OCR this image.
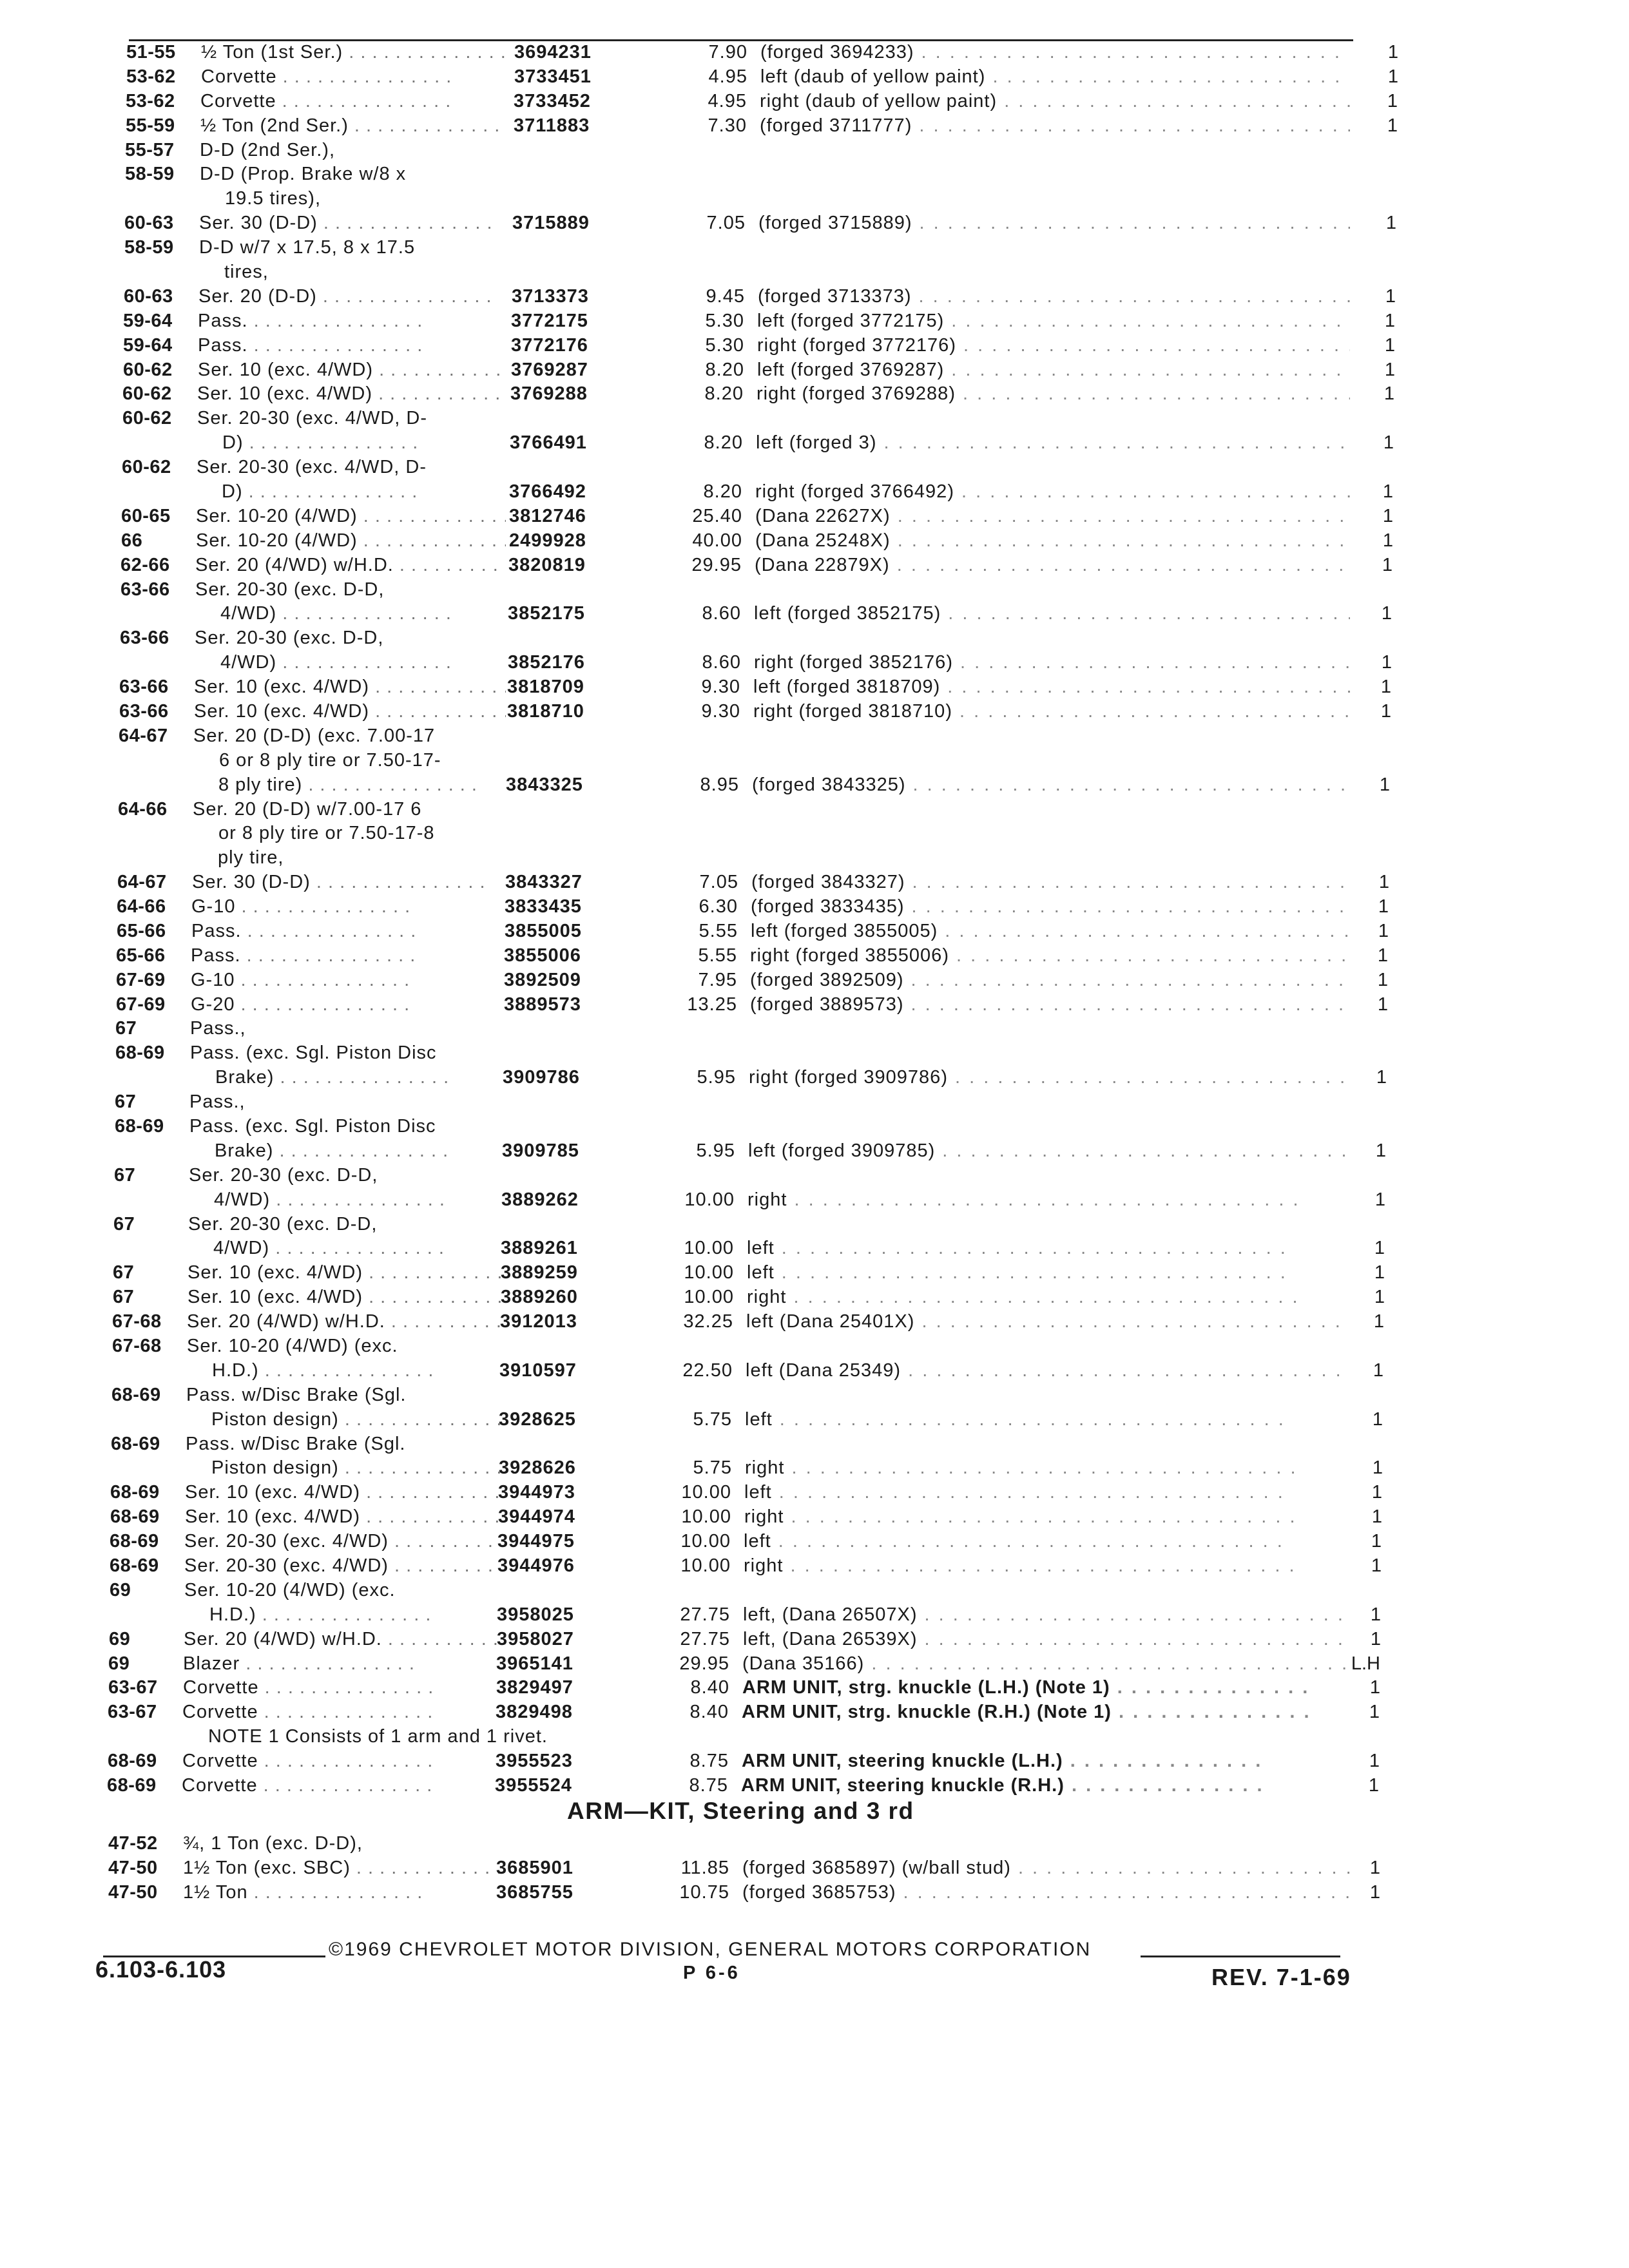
51-55 ½ Ton (1st Ser.) . . .	3694231	7.90 (forged 3694233) . . .	1
53-62 Corvette . . .	3733451	4.95 left (daub of yellow paint) . . .	1
53-62 Corvette . . .	3733452	4.95 right (daub of yellow paint) . . .	1
55-59 ½ Ton (2nd Ser.) . . .	3711883	7.30 (forged 3711777) . . .	1
55-57 D-D (2nd Ser.),
58-59 D-D (Prop. Brake w/8 x
19.5 tires),
60-63 Ser. 30 (D-D) . . .	3715889	7.05 (forged 3715889) . . .	1
58-59 D-D w/7 x 17.5, 8 x 17.5
tires,
60-63 Ser. 20 (D-D) . . .	3713373	9.45 (forged 3713373) . . .	1
59-64 Pass. . . .	3772175	5.30 left (forged 3772175) . . .	1
59-64 Pass. . . .	3772176	5.30 right (forged 3772176) . . .	1
60-62 Ser. 10 (exc. 4/WD) . . .	3769287	8.20 left (forged 3769287) . . .	1
60-62 Ser. 10 (exc. 4/WD) . . .	3769288	8.20 right (forged 3769288) . . .	1
60-62 Ser. 20-30 (exc. 4/WD, D-
D) . . .	3766491	8.20 left (forged 3) . . .	1
60-62 Ser. 20-30 (exc. 4/WD, D-
D) . . .	3766492	8.20 right (forged 3766492) . . .	1
60-65 Ser. 10-20 (4/WD) . . .	3812746	25.40 (Dana 22627X) . . .	1
66	Ser. 10-20 (4/WD) . . .	2499928	40.00 (Dana 25248X) . . .	1
62-66 Ser. 20 (4/WD) w/H.D. . . .	3820819	29.95 (Dana 22879X) . . .	1
63-66 Ser. 20-30 (exc. D-D,
4/WD) . . .	3852175	8.60 left (forged 3852175) . . .	1
63-66 Ser. 20-30 (exc. D-D,
4/WD) . . .	3852176	8.60 right (forged 3852176) . . .	1
63-66 Ser. 10 (exc. 4/WD) . . .	3818709	9.30 left (forged 3818709) . . .	1
63-66 Ser. 10 (exc. 4/WD) . . .	3818710	9.30 right (forged 3818710) . . .	1
64-67 Ser. 20 (D-D) (exc. 7.00-17
6 or 8 ply tire or 7.50-17-
8 ply tire) . . .	3843325	8.95 (forged 3843325) . . .	1
64-66 Ser. 20 (D-D) w/7.00-17 6
or 8 ply tire or 7.50-17-8
ply tire,
64-67 Ser. 30 (D-D) . . .	3843327	7.05 (forged 3843327) . . .	1
64-66 G-10 . . .	3833435	6.30 (forged 3833435) . . .	1
65-66 Pass. . . .	3855005	5.55 left (forged 3855005) . . .	1
65-66 Pass. . . .	3855006	5.55 right (forged 3855006) . . .	1
67-69 G-10 . . .	3892509	7.95 (forged 3892509) . . .	1
67-69 G-20 . . .	3889573	13.25 (forged 3889573) . . .	1
67	Pass.,
68-69 Pass. (exc. Sgl. Piston Disc
Brake) . . .	3909786	5.95 right (forged 3909786) . . .	1
67	Pass.,
68-69 Pass. (exc. Sgl. Piston Disc
Brake) . . .	3909785	5.95 left (forged 3909785) . . .	1
67	Ser. 20-30 (exc. D-D,
4/WD) . . .	3889262	10.00 right . . .	1
67	Ser. 20-30 (exc. D-D,
4/WD) . . .	3889261	10.00 left . . .	1
67	Ser. 10 (exc. 4/WD) . . .	3889259	10.00 left . . .	1
67	Ser. 10 (exc. 4/WD) . . .	3889260	10.00 right . . .	1
67-68 Ser. 20 (4/WD) w/H.D. . . .	3912013	32.25 left (Dana 25401X) . . .	1
67-68 Ser. 10-20 (4/WD) (exc.
H.D.) . . .	3910597	22.50 left (Dana 25349) . . .	1
68-69 Pass. w/Disc Brake (Sgl.
Piston design) . . .	3928625	5.75 left . . .	1
68-69 Pass. w/Disc Brake (Sgl.
Piston design) . . .	3928626	5.75 right . . .	1
68-69 Ser. 10 (exc. 4/WD) . . .	3944973	10.00 left . . .	1
68-69 Ser. 10 (exc. 4/WD) . . .	3944974	10.00 right . . .	1
68-69 Ser. 20-30 (exc. 4/WD) . . .	3944975	10.00 left . . .	1
68-69 Ser. 20-30 (exc. 4/WD) . . .	3944976	10.00 right . . .	1
69	Ser. 10-20 (4/WD) (exc.
H.D.) . . .	3958025	27.75 left, (Dana 26507X) . . .	1
69	Ser. 20 (4/WD) w/H.D. . . .	3958027	27.75 left, (Dana 26539X) . . .	1
69	Blazer . . .	3965141	29.95 (Dana 35166) . . .	L.H
63-67 Corvette . . .	3829497	8.40 ARM UNIT, strg. knuckle (L.H.) (Note 1) . . .	1
63-67 Corvette . . .	3829498	8.40 ARM UNIT, strg. knuckle (R.H.) (Note 1) . . .	1
NOTE 1 Consists of 1 arm and 1 rivet.
68-69 Corvette . . .	3955523	8.75 ARM UNIT, steering knuckle (L.H.) . . .	1
68-69 Corvette . . .	3955524	8.75 ARM UNIT, steering knuckle (R.H.) . . .	1
ARM—KIT, Steering and 3 rd
47-52 ¾, 1 Ton (exc. D-D),
47-50 1½ Ton (exc. SBC) . . .	3685901	11.85 (forged 3685897) (w/ball stud) . . .	1
47-50 1½ Ton . . .	3685755	10.75 (forged 3685753) . . .	1
©1969 CHEVROLET MOTOR DIVISION, GENERAL MOTORS CORPORATION
6.103-6.103	P 6-6	REV. 7-1-69
